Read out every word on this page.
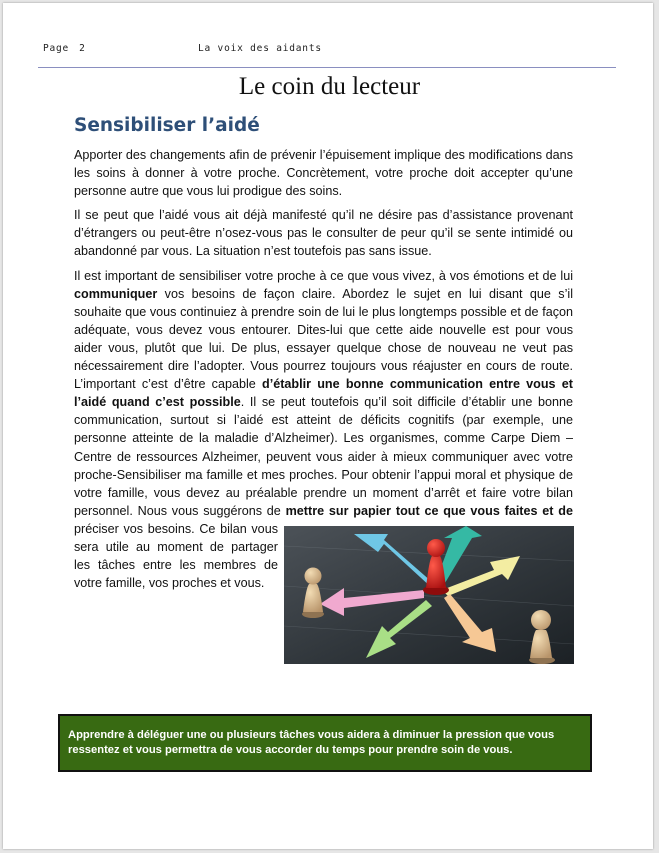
Page 2	La voix des aidants
Le coin du lecteur
Sensibiliser l’aidé

Apporter des changements afin de prévenir l’épuisement implique des modifications dans les soins à donner à votre proche. Concrètement, votre proche doit accepter qu’une personne autre que vous lui prodigue des soins.

Il se peut que l’aidé vous ait déjà manifesté qu’il ne désire pas d’assistance provenant d’étrangers ou peut-être n’osez-vous pas le consulter de peur qu’il se sente intimidé ou abandonné par vous. La situation n’est toutefois pas sans issue.

Il est important de sensibiliser votre proche à ce que vous vivez, à vos émotions et de lui communiquer vos besoins de façon claire. Abordez le sujet en lui disant que s’il souhaite que vous continuiez à prendre soin de lui le plus longtemps possible et de façon adéquate, vous devez vous entourer. Dites-lui que cette aide nouvelle est pour vous aider vous, plutôt que lui. De plus, essayer quelque chose de nouveau ne veut pas nécessairement dire l’adopter. Vous pourrez toujours vous réajuster en cours de route. L’important c’est d’être capable d’établir une bonne communication entre vous et l’aidé quand c’est possible. Il se peut toutefois qu’il soit difficile d’établir une bonne communication, surtout si l’aidé est atteint de déficits cognitifs (par exemple, une personne atteinte de la maladie d’Alzheimer). Les organismes, comme Carpe Diem – Centre de ressources Alzheimer, peuvent vous aider à mieux communiquer avec votre proche-Sensibiliser ma famille et mes proches. Pour obtenir l’appui moral et physique de votre famille, vous devez au préalable prendre un moment d’arrêt et faire votre bilan personnel. Nous vous suggérons de mettre sur papier tout ce que vous faites et de
préciser vos besoins. Ce bilan vous sera utile au moment de partager les tâches entre les membres de votre famille, vos proches et vous.

Apprendre à déléguer une ou plusieurs tâches vous aidera à diminuer la pression que vous ressentez et vous permettra de vous accorder du temps pour prendre soin de vous.
